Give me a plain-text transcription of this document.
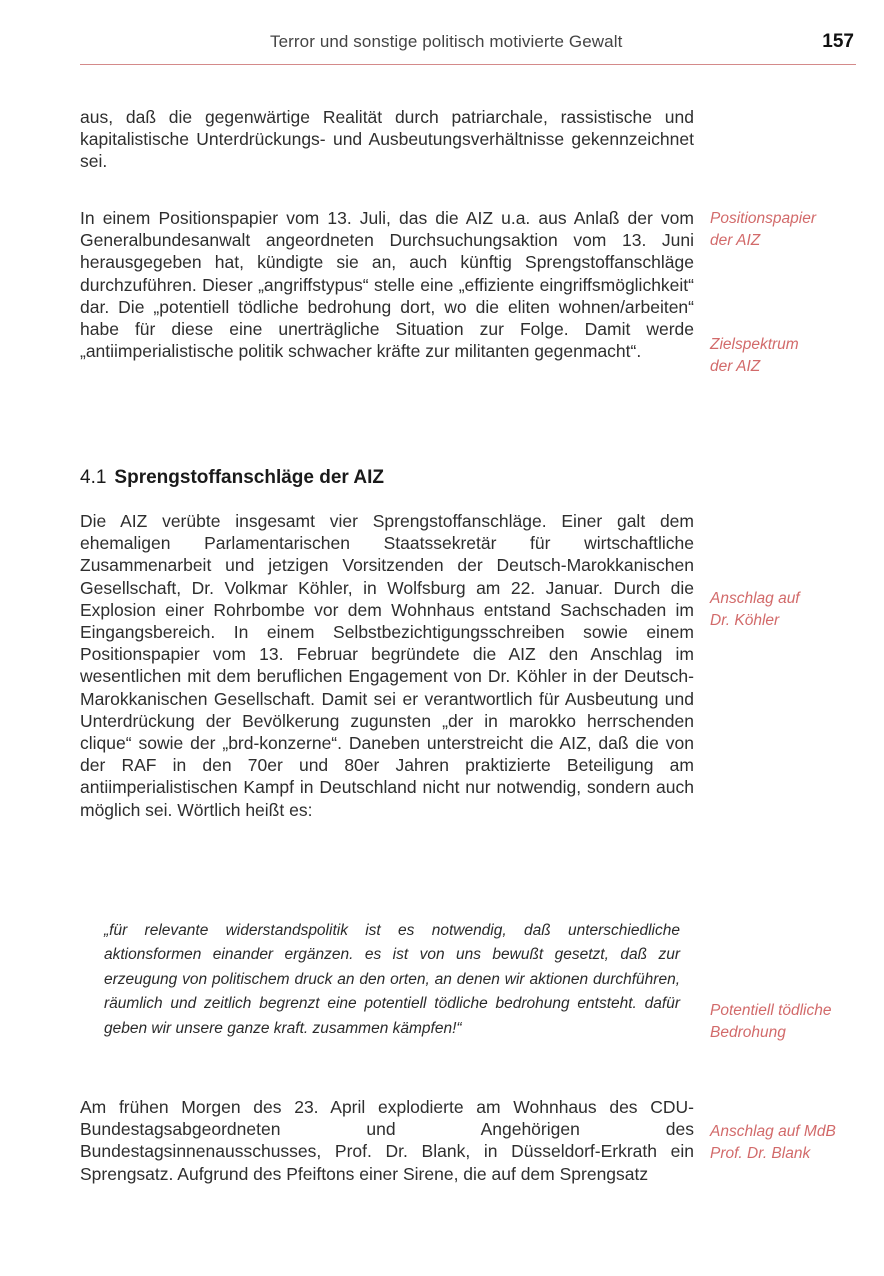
Terror und sonstige politisch motivierte Gewalt	157

aus, daß die gegenwärtige Realität durch patriarchale, rassistische und kapitalistische Unterdrückungs- und Ausbeutungsverhältnisse gekennzeichnet sei.

In einem Positionspapier vom 13. Juli, das die AIZ u.a. aus Anlaß der vom Generalbundesanwalt angeordneten Durchsuchungsaktion vom 13. Juni herausgegeben hat, kündigte sie an, auch künftig Sprengstoffanschläge durchzuführen. Dieser „angriffstypus“ stelle eine „effiziente eingriffsmöglichkeit“ dar. Die „potentiell tödliche bedrohung dort, wo die eliten wohnen/arbeiten“ habe für diese eine unerträgliche Situation zur Folge. Damit werde „antiimperialistische politik schwacher kräfte zur militanten gegenmacht“.

4.1 Sprengstoffanschläge der AIZ

Die AIZ verübte insgesamt vier Sprengstoffanschläge. Einer galt dem ehemaligen Parlamentarischen Staatssekretär für wirtschaftliche Zusammenarbeit und jetzigen Vorsitzenden der Deutsch-Marokkanischen Gesellschaft, Dr. Volkmar Köhler, in Wolfsburg am 22. Januar. Durch die Explosion einer Rohrbombe vor dem Wohnhaus entstand Sachschaden im Eingangsbereich. In einem Selbstbezichtigungsschreiben sowie einem Positionspapier vom 13. Februar begründete die AIZ den Anschlag im wesentlichen mit dem beruflichen Engagement von Dr. Köhler in der Deutsch-Marokkanischen Gesellschaft. Damit sei er verantwortlich für Ausbeutung und Unterdrückung der Bevölkerung zugunsten „der in marokko herrschenden clique“ sowie der „brd-konzerne“. Daneben unterstreicht die AIZ, daß die von der RAF in den 70er und 80er Jahren praktizierte Beteiligung am antiimperialistischen Kampf in Deutschland nicht nur notwendig, sondern auch möglich sei. Wörtlich heißt es:

„für relevante widerstandspolitik ist es notwendig, daß unterschiedliche aktionsformen einander ergänzen. es ist von uns bewußt gesetzt, daß zur erzeugung von politischem druck an den orten, an denen wir aktionen durchführen, räumlich und zeitlich begrenzt eine potentiell tödliche bedrohung entsteht. dafür geben wir unsere ganze kraft. zusammen kämpfen!“

Am frühen Morgen des 23. April explodierte am Wohnhaus des CDU-Bundestagsabgeordneten und Angehörigen des Bundestagsinnenausschusses, Prof. Dr. Blank, in Düsseldorf-Erkrath ein Sprengsatz. Aufgrund des Pfeiftons einer Sirene, die auf dem Sprengsatz

Positionspapier
der AIZ
Zielspektrum
der AIZ
Anschlag auf
Dr. Köhler
Potentiell tödliche
Bedrohung
Anschlag auf MdB
Prof. Dr. Blank
